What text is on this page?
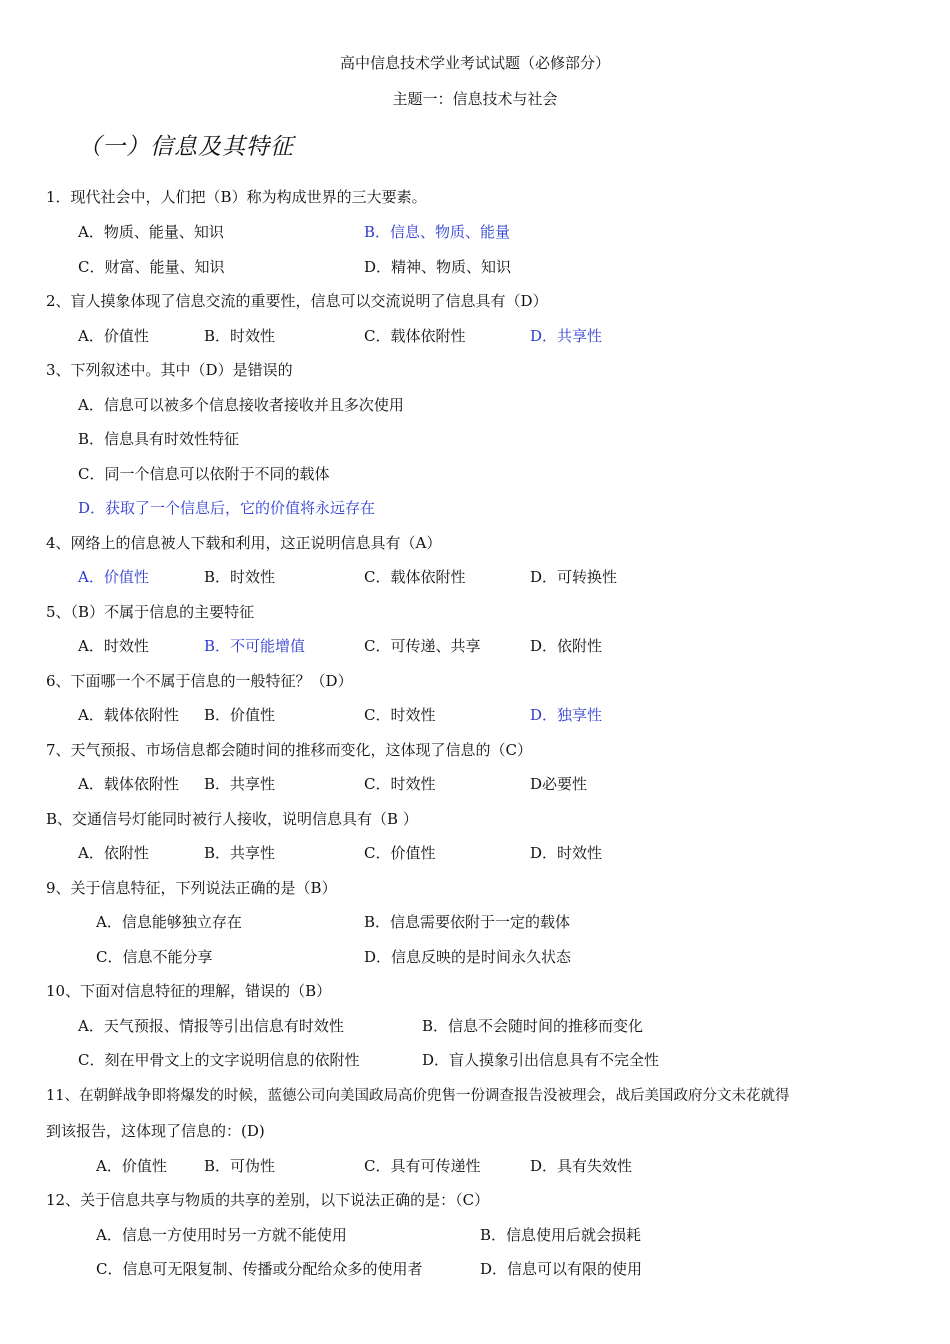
高中信息技术学业考试试题（必修部分）
主题一：信息技术与社会
（一）信息及其特征
1．现代社会中，人们把（B）称为构成世界的三大要素。
A．物质、能量、知识	B．信息、物质、能量
C．财富、能量、知识	D．精神、物质、知识
2、盲人摸象体现了信息交流的重要性，信息可以交流说明了信息具有（D）
A．价值性	B．时效性	C．载体依附性	D．共享性
3、下列叙述中。其中（D）是错误的
A．信息可以被多个信息接收者接收并且多次使用
B．信息具有时效性特征
C．同一个信息可以依附于不同的载体
D．获取了一个信息后，它的价值将永远存在
4、网络上的信息被人下载和利用，这正说明信息具有（A）
A．价值性	B．时效性	C．载体依附性	D．可转换性
5、（B）不属于信息的主要特征
A．时效性	B．不可能增值	C．可传递、共享	D．依附性
6、下面哪一个不属于信息的一般特征？（D）
A．载体依附性 B．价值性	C．时效性	D．独享性
7、天气预报、市场信息都会随时间的推移而变化，这体现了信息的（C）
A．载体依附性 B．共享性	C．时效性	D必要性
B、交通信号灯能同时被行人接收，说明信息具有（B ）
A．依附性	B．共享性	C．价值性	D．时效性
9、关于信息特征，下列说法正确的是（B）
A．信息能够独立存在	B．信息需要依附于一定的载体
C．信息不能分享	D．信息反映的是时间永久状态
10、下面对信息特征的理解，错误的（B）
A．天气预报、情报等引出信息有时效性	B．信息不会随时间的推移而变化
C．刻在甲骨文上的文字说明信息的依附性	D．盲人摸象引出信息具有不完全性
11、在朝鲜战争即将爆发的时候，蓝德公司向美国政局高价兜售一份调查报告没被理会，战后美国政府分文未花就得
到该报告，这体现了信息的：(D)
A．价值性 B．可伪性	C．具有可传递性	D．具有失效性
12、关于信息共享与物质的共享的差别，以下说法正确的是：（C）
A．信息一方使用时另一方就不能使用	B．信息使用后就会损耗
C．信息可无限复制、传播或分配给众多的使用者	D．信息可以有限的使用
